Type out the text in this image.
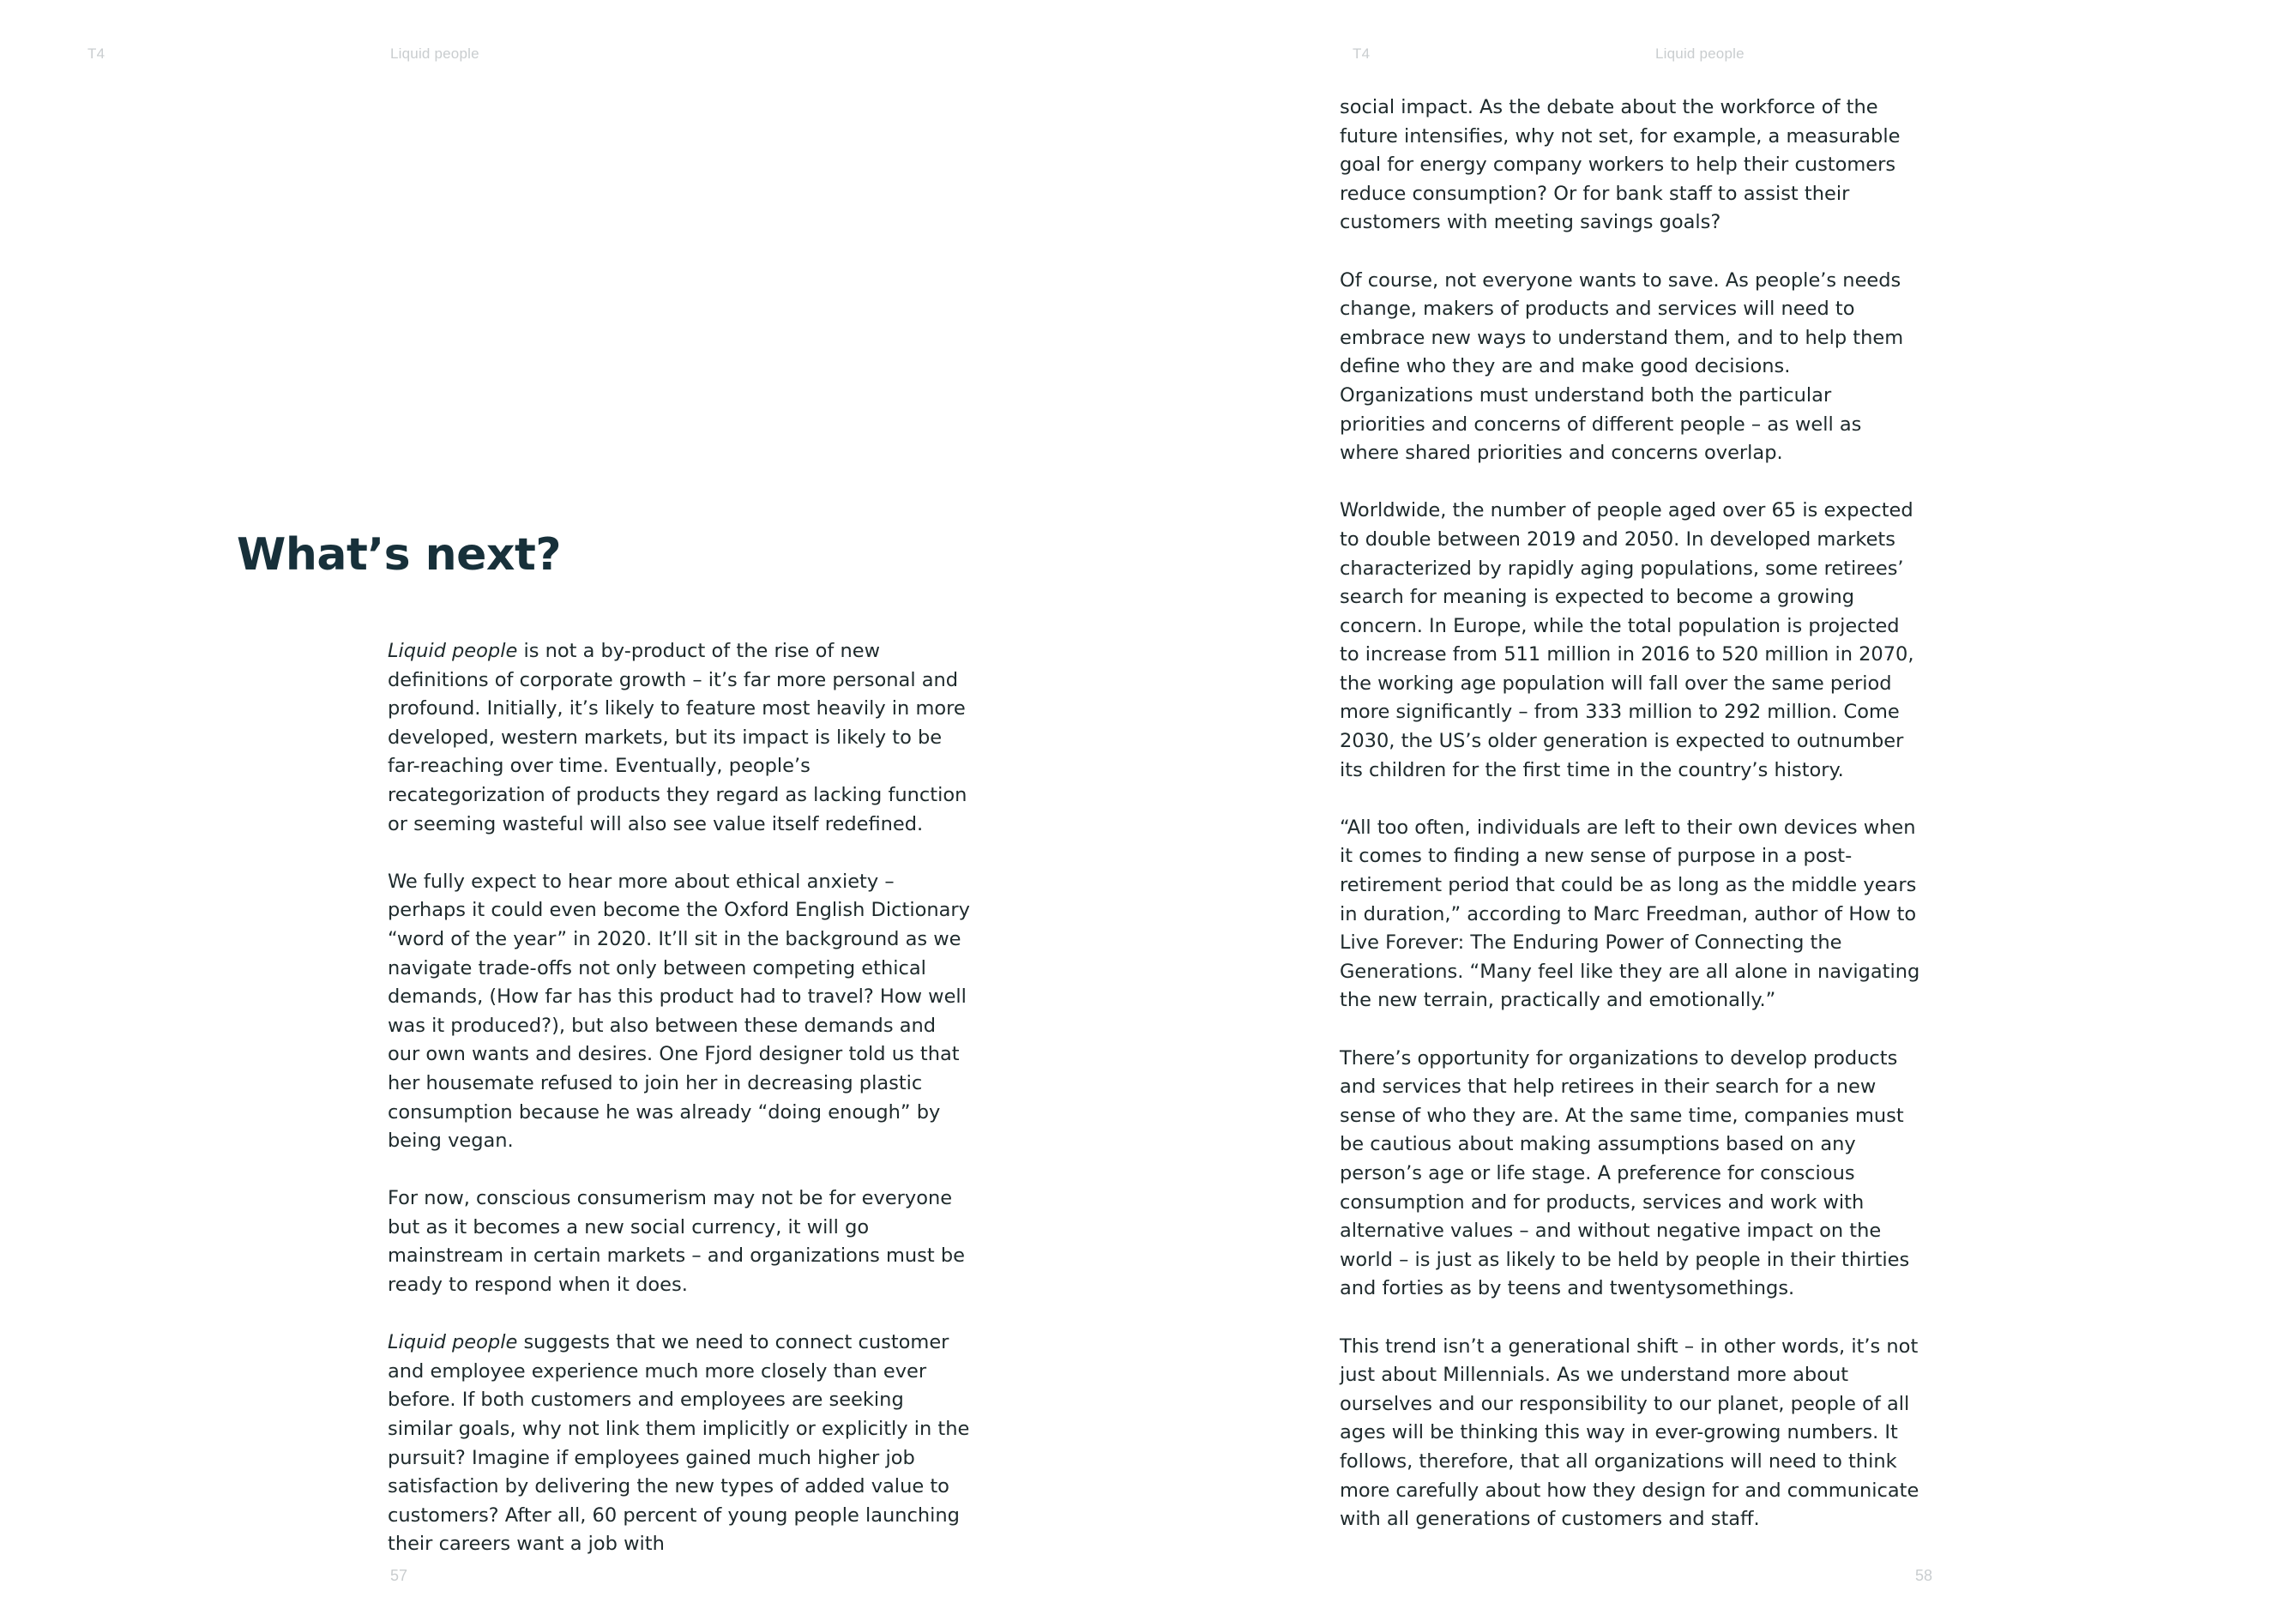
T4	Liquid people
What’s next?

Liquid people is not a by-product of the rise of new definitions of corporate growth – it’s far more personal and profound. Initially, it’s likely to feature most heavily in more developed, western markets, but its impact is likely to be far-reaching over time. Eventually, people’s recategorization of products they regard as lacking function or seeming wasteful will also see value itself redefined.

We fully expect to hear more about ethical anxiety – perhaps it could even become the Oxford English Dictionary “word of the year” in 2020. It’ll sit in the background as we navigate trade-offs not only between competing ethical demands, (How far has this product had to travel? How well was it produced?), but also between these demands and our own wants and desires. One Fjord designer told us that her housemate refused to join her in decreasing plastic consumption because he was already “doing enough” by being vegan.

For now, conscious consumerism may not be for everyone but as it becomes a new social currency, it will go mainstream in certain markets – and organizations must be ready to respond when it does.

Liquid people suggests that we need to connect customer and employee experience much more closely than ever before. If both customers and employees are seeking similar goals, why not link them implicitly or explicitly in the pursuit? Imagine if employees gained much higher job satisfaction by delivering the new types of added value to customers? After all, 60 percent of young people launching their careers want a job with

57
T4	Liquid people

social impact. As the debate about the workforce of the future intensifies, why not set, for example, a measurable goal for energy company workers to help their customers reduce consumption? Or for bank staff to assist their customers with meeting savings goals?

Of course, not everyone wants to save. As people’s needs change, makers of products and services will need to embrace new ways to understand them, and to help them define who they are and make good decisions. Organizations must understand both the particular priorities and concerns of different people – as well as where shared priorities and concerns overlap.

Worldwide, the number of people aged over 65 is expected to double between 2019 and 2050. In developed markets characterized by rapidly aging populations, some retirees’ search for meaning is expected to become a growing concern. In Europe, while the total population is projected to increase from 511 million in 2016 to 520 million in 2070, the working age population will fall over the same period more significantly – from 333 million to 292 million. Come 2030, the US’s older generation is expected to outnumber its children for the first time in the country’s history.

“All too often, individuals are left to their own devices when it comes to finding a new sense of purpose in a post-retirement period that could be as long as the middle years in duration,” according to Marc Freedman, author of How to Live Forever: The Enduring Power of Connecting the Generations. “Many feel like they are all alone in navigating the new terrain, practically and emotionally.”

There’s opportunity for organizations to develop products and services that help retirees in their search for a new sense of who they are. At the same time, companies must be cautious about making assumptions based on any person’s age or life stage. A preference for conscious consumption and for products, services and work with alternative values – and without negative impact on the world – is just as likely to be held by people in their thirties and forties as by teens and twentysomethings.

This trend isn’t a generational shift – in other words, it’s not just about Millennials. As we understand more about ourselves and our responsibility to our planet, people of all ages will be thinking this way in ever-growing numbers. It follows, therefore, that all organizations will need to think more carefully about how they design for and communicate with all generations of customers and staff.

58
